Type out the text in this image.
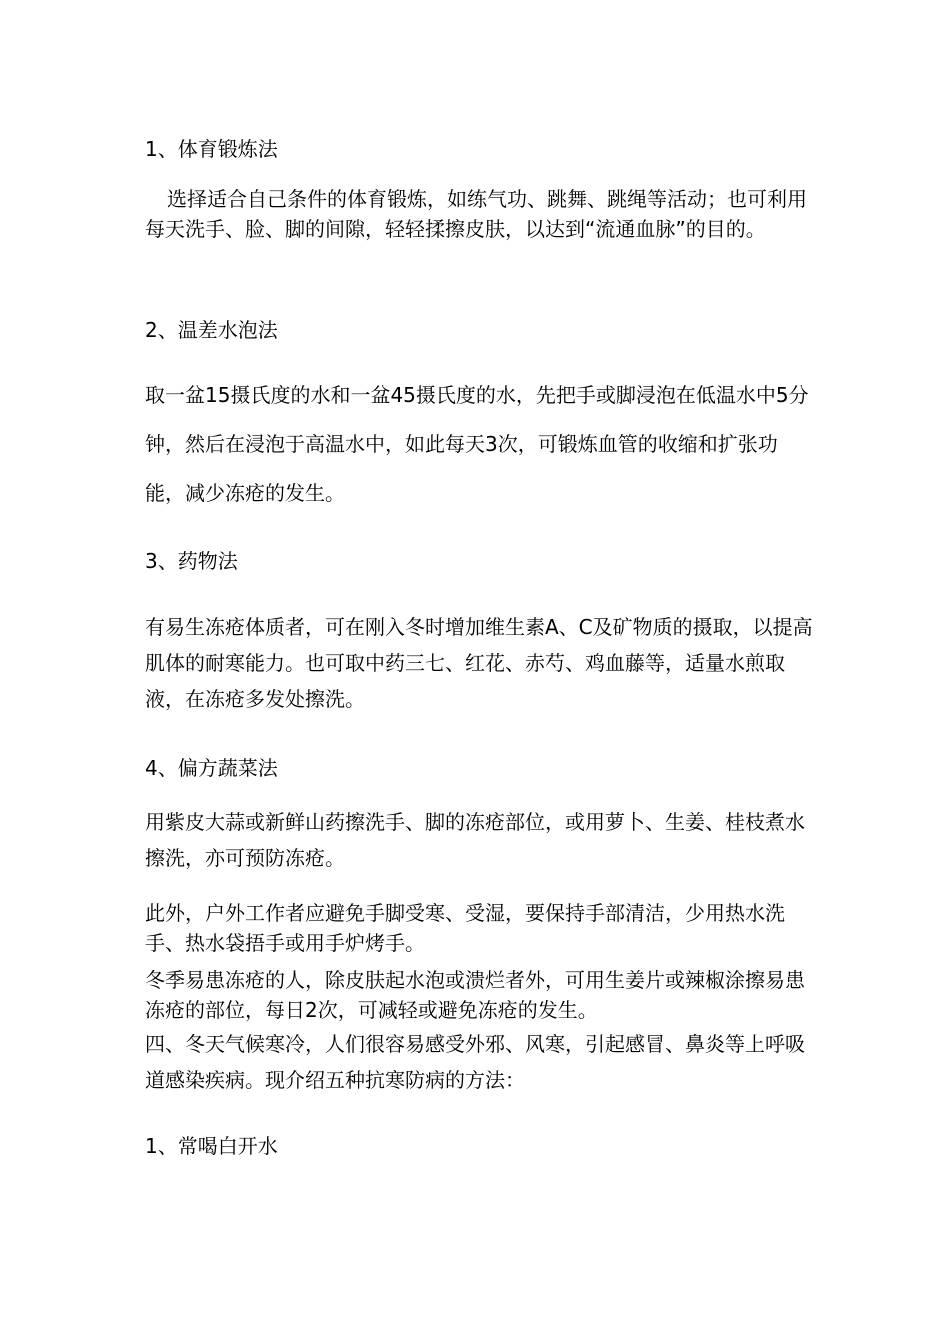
1、体育锻炼法

选择适合自己条件的体育锻炼，如练气功、跳舞、跳绳等活动；也可利用每天洗手、脸、脚的间隙，轻轻揉擦皮肤，以达到“流通血脉”的目的。

2、温差水泡法

取一盆15摄氏度的水和一盆45摄氏度的水，先把手或脚浸泡在低温水中5分钟，然后在浸泡于高温水中，如此每天3次，可锻炼血管的收缩和扩张功能，减少冻疮的发生。

3、药物法

有易生冻疮体质者，可在刚入冬时增加维生素A、C及矿物质的摄取，以提高肌体的耐寒能力。也可取中药三七、红花、赤芍、鸡血藤等，适量水煎取液，在冻疮多发处擦洗。

4、偏方蔬菜法

用紫皮大蒜或新鲜山药擦洗手、脚的冻疮部位，或用萝卜、生姜、桂枝煮水擦洗，亦可预防冻疮。

此外，户外工作者应避免手脚受寒、受湿，要保持手部清洁，少用热水洗手、热水袋捂手或用手炉烤手。

冬季易患冻疮的人，除皮肤起水泡或溃烂者外，可用生姜片或辣椒涂擦易患冻疮的部位，每日2次，可减轻或避免冻疮的发生。

四、冬天气候寒冷，人们很容易感受外邪、风寒，引起感冒、鼻炎等上呼吸道感染疾病。现介绍五种抗寒防病的方法：

1、常喝白开水
